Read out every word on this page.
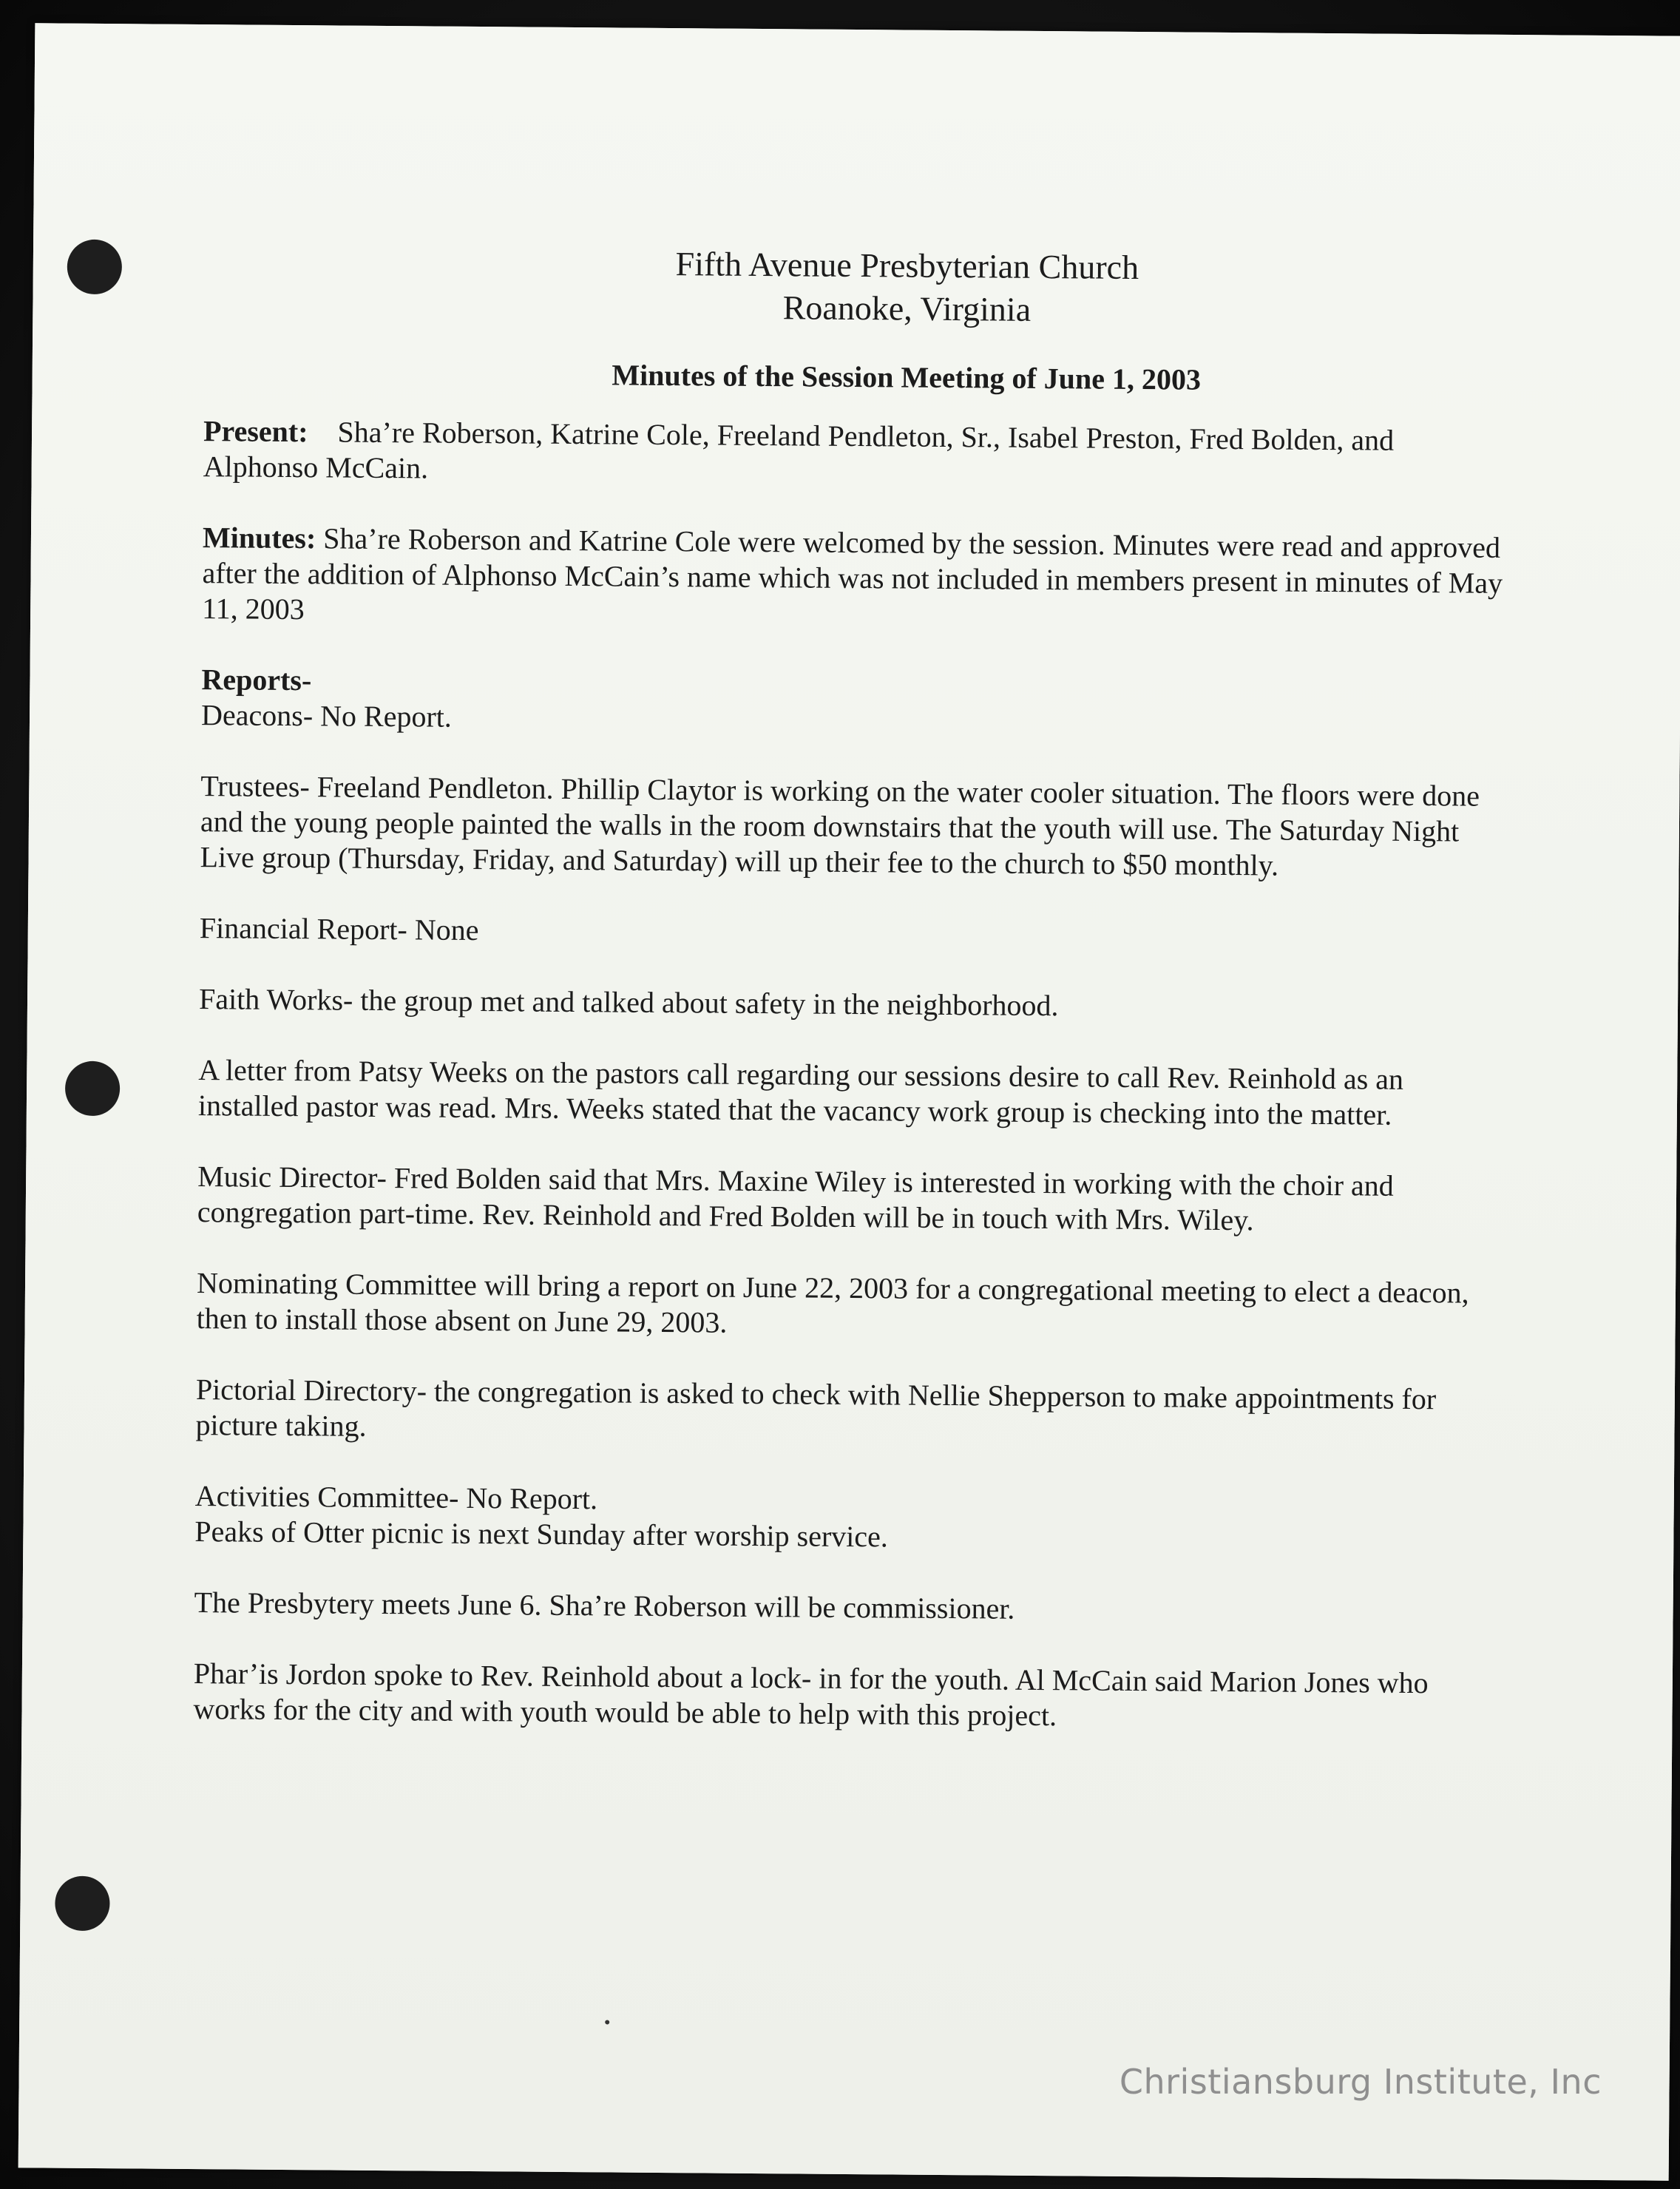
Fifth Avenue Presbyterian Church
Roanoke, Virginia
Minutes of the Session Meeting of June 1, 2003

Present: Sha’re Roberson, Katrine Cole, Freeland Pendleton, Sr., Isabel Preston, Fred Bolden, and Alphonso McCain.

Minutes: Sha’re Roberson and Katrine Cole were welcomed by the session. Minutes were read and approved after the addition of Alphonso McCain’s name which was not included in members present in minutes of May 11, 2003

Reports-

Deacons- No Report.

Trustees- Freeland Pendleton. Phillip Claytor is working on the water cooler situation. The floors were done and the young people painted the walls in the room downstairs that the youth will use. The Saturday Night Live group (Thursday, Friday, and Saturday) will up their fee to the church to $50 monthly.

Financial Report- None

Faith Works- the group met and talked about safety in the neighborhood.

A letter from Patsy Weeks on the pastors call regarding our sessions desire to call Rev. Reinhold as an installed pastor was read. Mrs. Weeks stated that the vacancy work group is checking into the matter.

Music Director- Fred Bolden said that Mrs. Maxine Wiley is interested in working with the choir and congregation part-time. Rev. Reinhold and Fred Bolden will be in touch with Mrs. Wiley.

Nominating Committee will bring a report on June 22, 2003 for a congregational meeting to elect a deacon, then to install those absent on June 29, 2003.

Pictorial Directory- the congregation is asked to check with Nellie Shepperson to make appointments for picture taking.

Activities Committee- No Report.

Peaks of Otter picnic is next Sunday after worship service.

The Presbytery meets June 6. Sha’re Roberson will be commissioner.

Phar’is Jordon spoke to Rev. Reinhold about a lock- in for the youth. Al McCain said Marion Jones who works for the city and with youth would be able to help with this project.

Christiansburg Institute, Inc
